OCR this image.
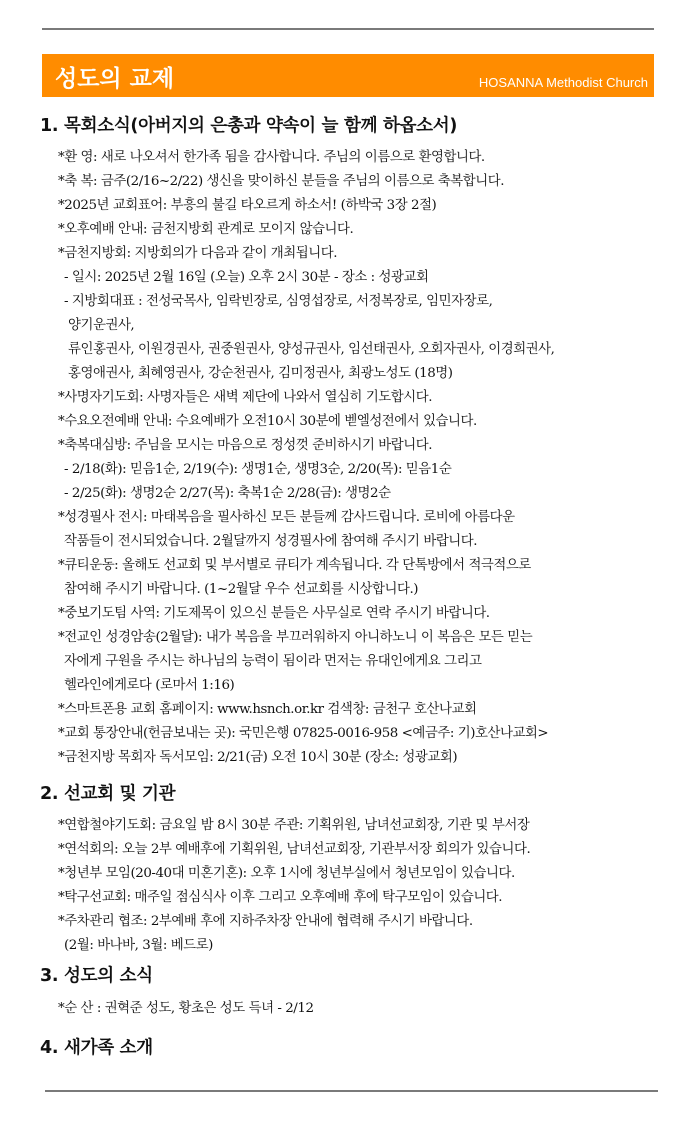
성도의 교제	HOSANNA Methodist Church
1. 목회소식(아버지의 은총과 약속이 늘 함께 하옵소서)
*환 영: 새로 나오셔서 한가족 됨을 감사합니다. 주님의 이름으로 환영합니다.
*축 복: 금주(2/16~2/22) 생신을 맞이하신 분들을 주님의 이름으로 축복합니다.
*2025년 교회표어: 부흥의 불길 타오르게 하소서! (하박국 3장 2절)
*오후예배 안내: 금천지방회 관계로 모이지 않습니다.
*금천지방회: 지방회의가 다음과 같이 개최됩니다.
- 일시: 2025년 2월 16일 (오늘) 오후 2시 30분 - 장소 : 성광교회
- 지방회대표 : 전성국목사, 임락빈장로, 심영섭장로, 서정복장로, 임민자장로,
양기운권사,
류인홍권사, 이원경권사, 권중원권사, 양성규권사, 임선태권사, 오회자권사, 이경희권사,
홍영애권사, 최혜영권사, 강순천권사, 김미정권사, 최광노성도 (18명)
*사명자기도회: 사명자들은 새벽 제단에 나와서 열심히 기도합시다.
*수요오전예배 안내: 수요예배가 오전10시 30분에 벧엘성전에서 있습니다.
*축복대심방: 주님을 모시는 마음으로 정성껏 준비하시기 바랍니다.
- 2/18(화): 믿음1순, 2/19(수): 생명1순, 생명3순, 2/20(목): 믿음1순
- 2/25(화): 생명2순 2/27(목): 축복1순 2/28(금): 생명2순
*성경필사 전시: 마태복음을 필사하신 모든 분들께 감사드립니다. 로비에 아름다운
작품들이 전시되었습니다. 2월달까지 성경필사에 참여해 주시기 바랍니다.
*큐티운동: 올해도 선교회 및 부서별로 큐티가 계속됩니다. 각 단톡방에서 적극적으로
참여해 주시기 바랍니다. (1~2월달 우수 선교회를 시상합니다.)
*중보기도팀 사역: 기도제목이 있으신 분들은 사무실로 연락 주시기 바랍니다.
*전교인 성경암송(2월달): 내가 복음을 부끄러워하지 아니하노니 이 복음은 모든 믿는
자에게 구원을 주시는 하나님의 능력이 됨이라 먼저는 유대인에게요 그리고
헬라인에게로다 (로마서 1:16)
*스마트폰용 교회 홈페이지: www.hsnch.or.kr 검색창: 금천구 호산나교회
*교회 통장안내(헌금보내는 곳): 국민은행 07825-0016-958 <예금주: 기)호산나교회>
*금천지방 목회자 독서모임: 2/21(금) 오전 10시 30분 (장소: 성광교회)
2. 선교회 및 기관
*연합철야기도회: 금요일 밤 8시 30분 주관: 기획위원, 남녀선교회장, 기관 및 부서장
*연석회의: 오늘 2부 예배후에 기획위원, 남녀선교회장, 기관부서장 회의가 있습니다.
*청년부 모임(20-40대 미혼기혼): 오후 1시에 청년부실에서 청년모임이 있습니다.
*탁구선교회: 매주일 점심식사 이후 그리고 오후예배 후에 탁구모임이 있습니다.
*주차관리 협조: 2부예배 후에 지하주차장 안내에 협력해 주시기 바랍니다.
(2월: 바나바, 3월: 베드로)
3. 성도의 소식
*순 산 : 권혁준 성도, 황초은 성도 득녀 - 2/12
4. 새가족 소개
